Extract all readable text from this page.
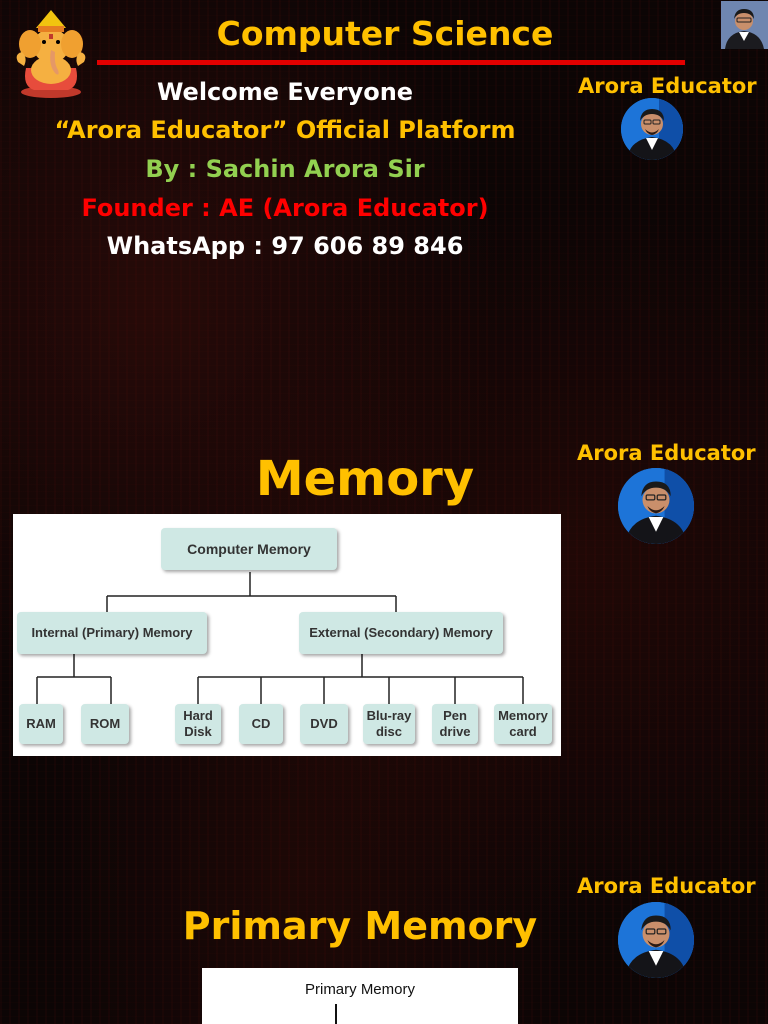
Computer Science
Welcome Everyone
“Arora Educator” Official Platform
By : Sachin Arora Sir
Founder : AE (Arora Educator)
WhatsApp : 97 606 89 846
Arora Educator
Memory	Arora Educator
Computer Memory
Internal (Primary) Memory	External (Secondary) Memory
RAM	ROM
Hard
Disk
CD	DVD
Blu-ray
disc
Pen
drive
Memory
card
Primary Memory
Arora Educator
Primary Memory
